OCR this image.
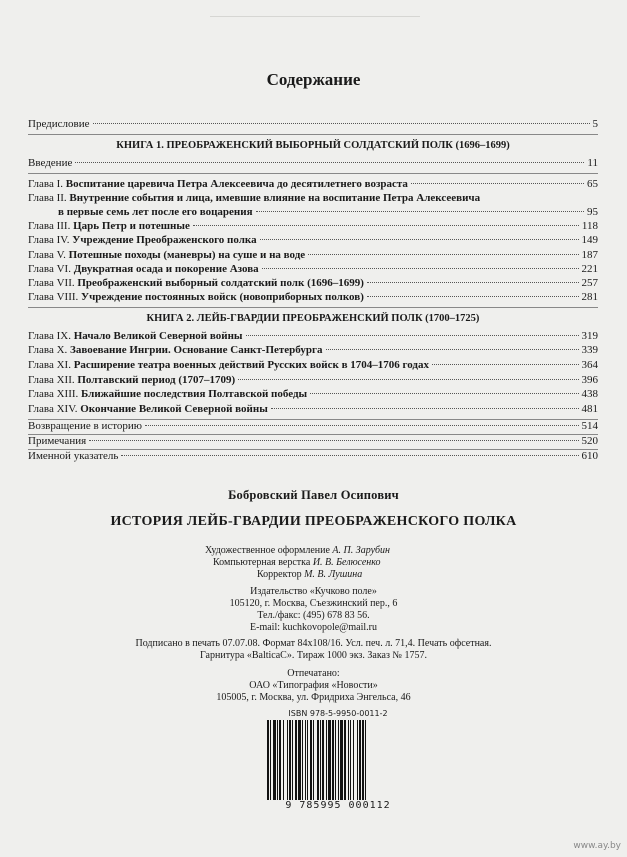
Содержание
Предисловие	5
КНИГА 1. ПРЕОБРАЖЕНСКИЙ ВЫБОРНЫЙ СОЛДАТСКИЙ ПОЛК (1696–1699)
Введение	11
Глава I. Воспитание царевича Петра Алексеевича до десятилетнего возраста	65
Глава II. Внутренние события и лица, имевшие влияние на воспитание Петра Алексеевича
в первые семь лет после его воцарения	95
Глава III. Царь Петр и потешные	118
Глава IV. Учреждение Преображенского полка	149
Глава V. Потешные походы (маневры) на суше и на воде	187
Глава VI. Двукратная осада и покорение Азова	221
Глава VII. Преображенский выборный солдатский полк (1696–1699)	257
Глава VIII. Учреждение постоянных войск (новоприборных полков)	281
КНИГА 2. ЛЕЙБ-ГВАРДИИ ПРЕОБРАЖЕНСКИЙ ПОЛК (1700–1725)
Глава IX. Начало Великой Северной войны	319
Глава X. Завоевание Ингрии. Основание Санкт-Петербурга	339
Глава XI. Расширение театра военных действий Русских войск в 1704–1706 годах	364
Глава XII. Полтавский период (1707–1709)	396
Глава XIII. Ближайшие последствия Полтавской победы	438
Глава XIV. Окончание Великой Северной войны	481
Возвращение в историю	514
Примечания	520
Именной указатель	610
Бобровский Павел Осипович
ИСТОРИЯ ЛЕЙБ-ГВАРДИИ ПРЕОБРАЖЕНСКОГО ПОЛКА
Художественное оформление А. П. Зарубин
Компьютерная верстка И. В. Белюсенко
Корректор М. В. Лушина
Издательство «Кучково поле»
105120, г. Москва, Съезжинский пер., 6
Тел./факс: (495) 678 83 56.
E-mail: kuchkovopole@mail.ru
Подписано в печать 07.07.08. Формат 84х108/16. Усл. печ. л. 71,4. Печать офсетная.
Гарнитура «BalticaC». Тираж 1000 экз. Заказ № 1757.
Отпечатано:
ОАО «Типография «Новости»
105005, г. Москва, ул. Фридриха Энгельса, 46
ISBN 978-5-9950-0011-2
9 785995 000112
www.ay.by
